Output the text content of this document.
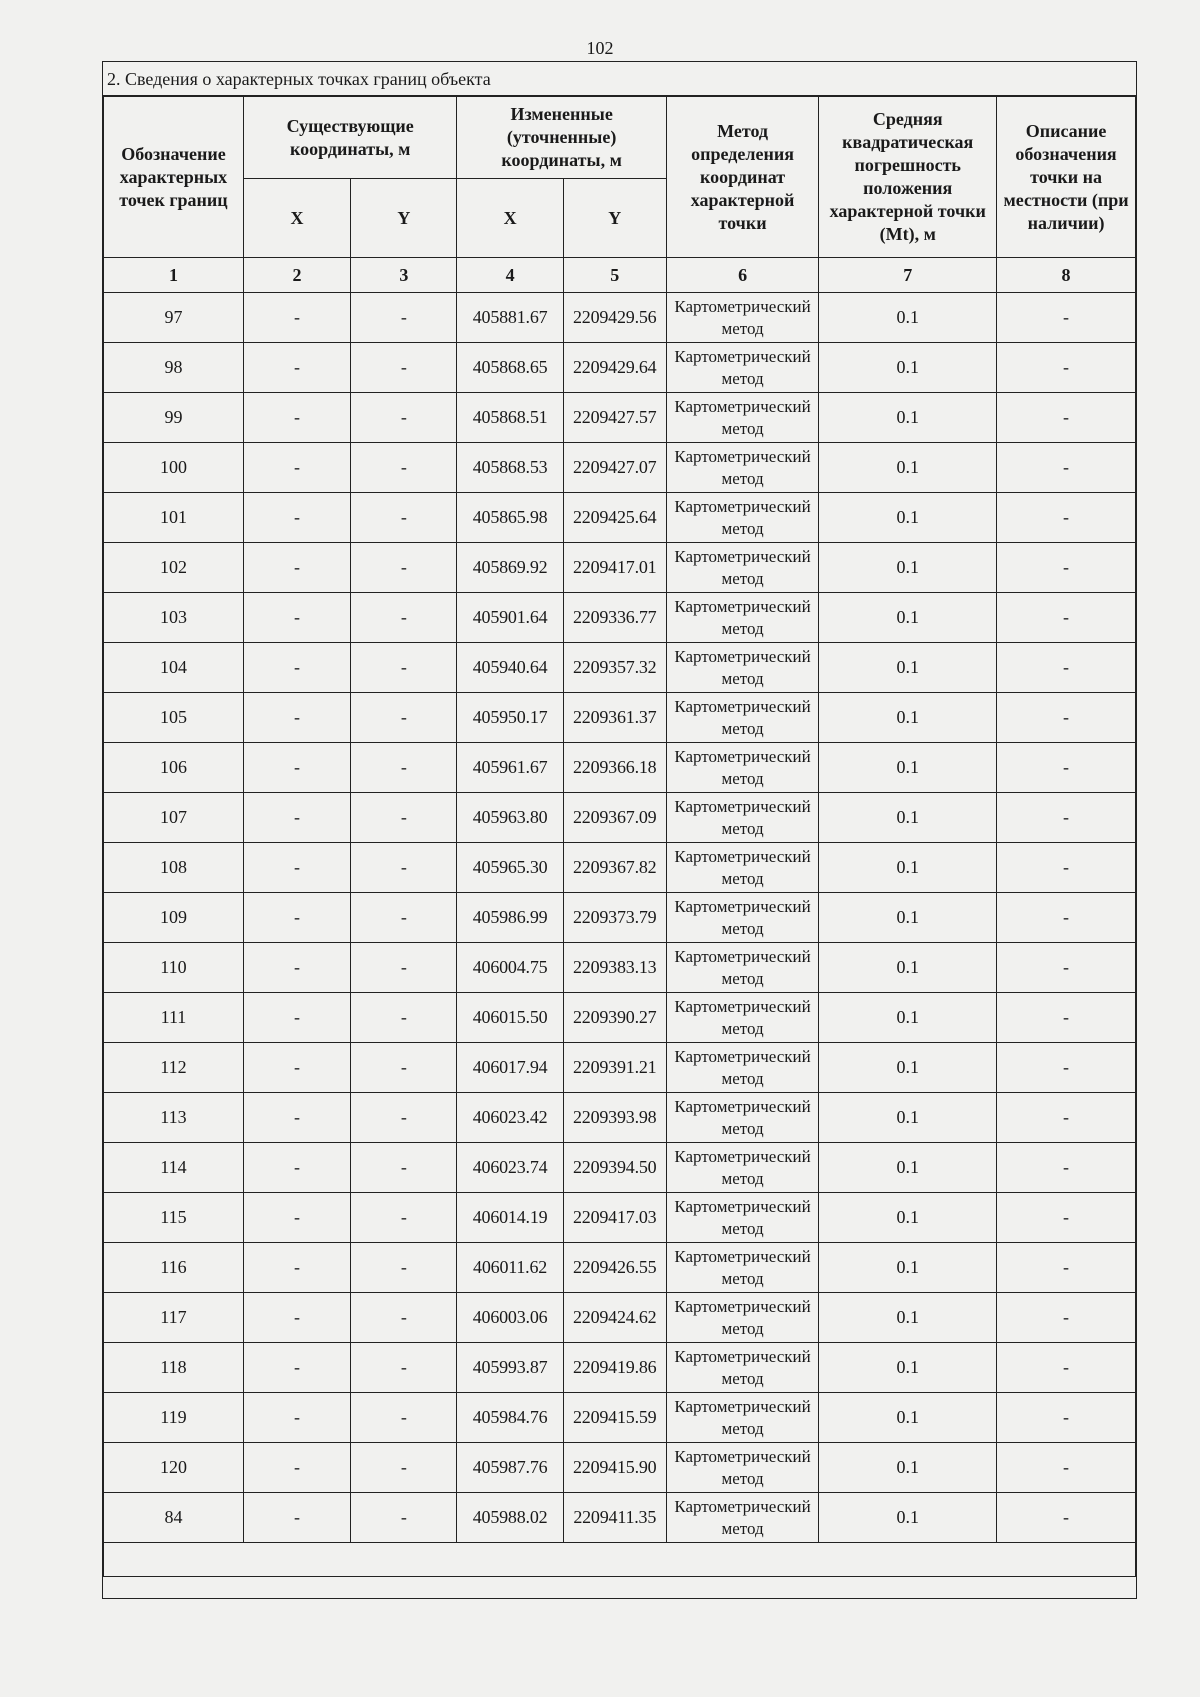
102
2. Сведения о характерных точках границ объекта
Обозначение характерных точек границ	Существующие координаты, м		Измененные (уточненные) координаты, м		Метод определения координат характерной точки	Средняя квадратическая погрешность положения характерной точки (Mt), м	Описание обозначения точки на местности (при наличии)
	X	Y	X	Y			
1	2	3	4	5	6	7	8
97	-	-	405881.67	2209429.56	Картометрический метод	0.1	-
98	-	-	405868.65	2209429.64	Картометрический метод	0.1	-
99	-	-	405868.51	2209427.57	Картометрический метод	0.1	-
100	-	-	405868.53	2209427.07	Картометрический метод	0.1	-
101	-	-	405865.98	2209425.64	Картометрический метод	0.1	-
102	-	-	405869.92	2209417.01	Картометрический метод	0.1	-
103	-	-	405901.64	2209336.77	Картометрический метод	0.1	-
104	-	-	405940.64	2209357.32	Картометрический метод	0.1	-
105	-	-	405950.17	2209361.37	Картометрический метод	0.1	-
106	-	-	405961.67	2209366.18	Картометрический метод	0.1	-
107	-	-	405963.80	2209367.09	Картометрический метод	0.1	-
108	-	-	405965.30	2209367.82	Картометрический метод	0.1	-
109	-	-	405986.99	2209373.79	Картометрический метод	0.1	-
110	-	-	406004.75	2209383.13	Картометрический метод	0.1	-
111	-	-	406015.50	2209390.27	Картометрический метод	0.1	-
112	-	-	406017.94	2209391.21	Картометрический метод	0.1	-
113	-	-	406023.42	2209393.98	Картометрический метод	0.1	-
114	-	-	406023.74	2209394.50	Картометрический метод	0.1	-
115	-	-	406014.19	2209417.03	Картометрический метод	0.1	-
116	-	-	406011.62	2209426.55	Картометрический метод	0.1	-
117	-	-	406003.06	2209424.62	Картометрический метод	0.1	-
118	-	-	405993.87	2209419.86	Картометрический метод	0.1	-
119	-	-	405984.76	2209415.59	Картометрический метод	0.1	-
120	-	-	405987.76	2209415.90	Картометрический метод	0.1	-
84	-	-	405988.02	2209411.35	Картометрический метод	0.1	-
